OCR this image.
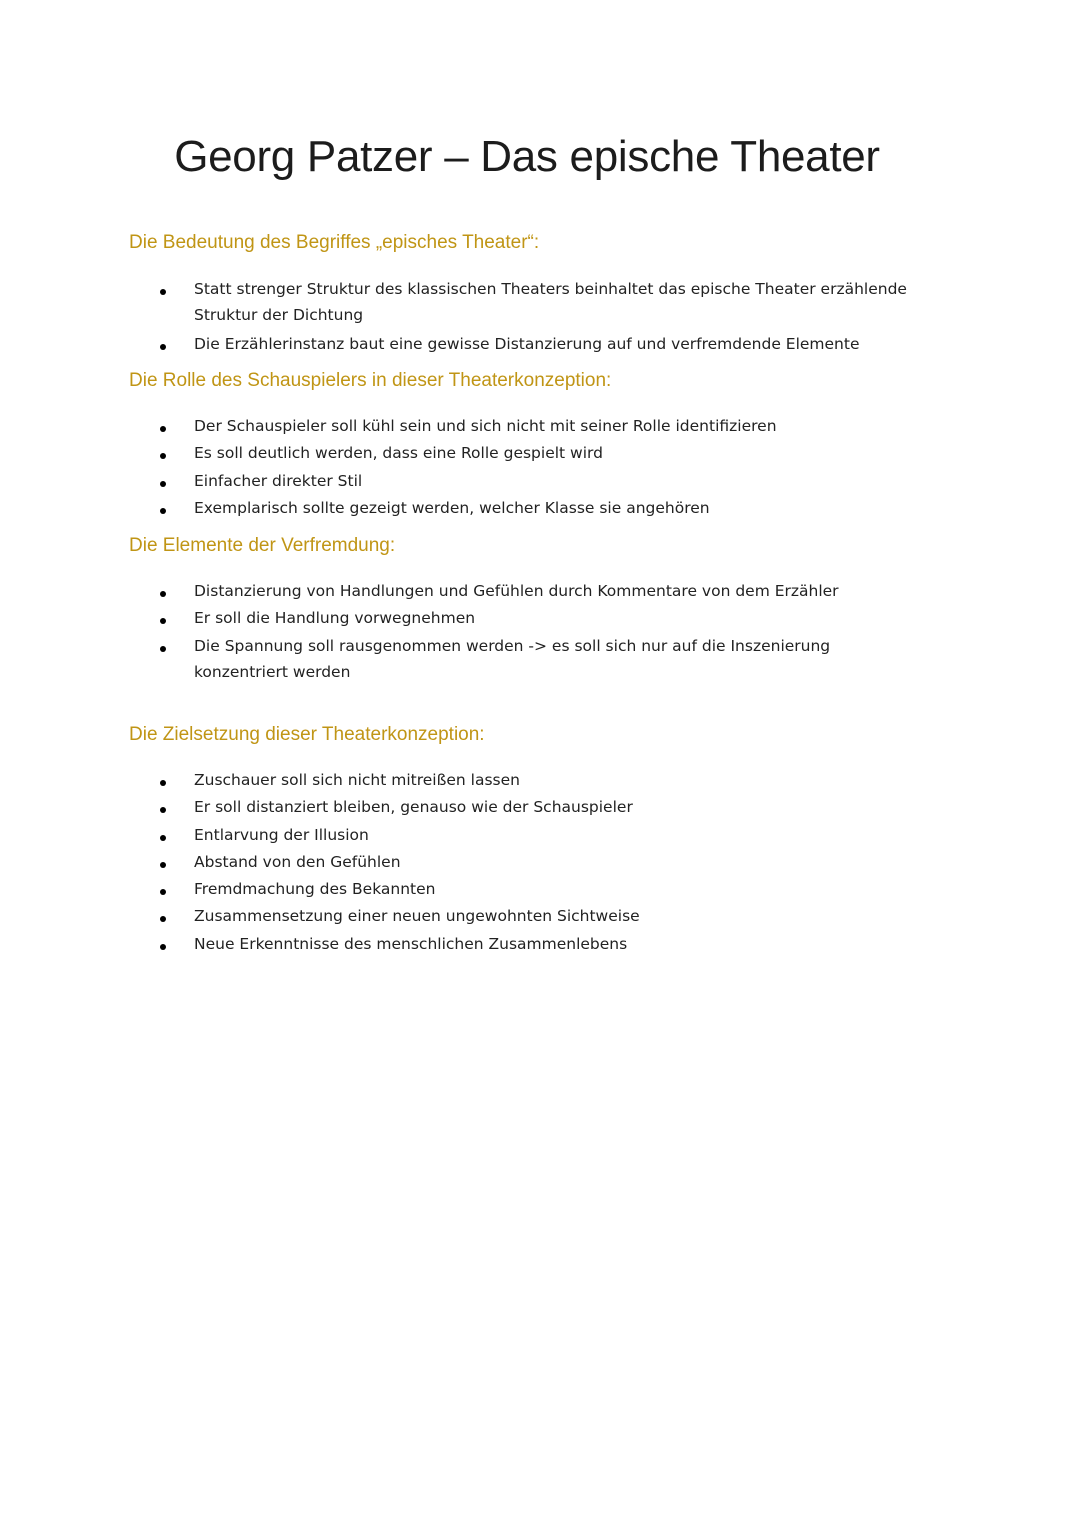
Georg Patzer – Das epische Theater
Die Bedeutung des Begriffes „episches Theater“:
Statt strenger Struktur des klassischen Theaters beinhaltet das epische Theater erzählende Struktur der Dichtung
Die Erzählerinstanz baut eine gewisse Distanzierung auf und verfremdende Elemente
Die Rolle des Schauspielers in dieser Theaterkonzeption:
Der Schauspieler soll kühl sein und sich nicht mit seiner Rolle identifizieren
Es soll deutlich werden, dass eine Rolle gespielt wird
Einfacher direkter Stil
Exemplarisch sollte gezeigt werden, welcher Klasse sie angehören
Die Elemente der Verfremdung:
Distanzierung von Handlungen und Gefühlen durch Kommentare von dem Erzähler
Er soll die Handlung vorwegnehmen
Die Spannung soll rausgenommen werden -> es soll sich nur auf die Inszenierung konzentriert werden
Die Zielsetzung dieser Theaterkonzeption:
Zuschauer soll sich nicht mitreißen lassen
Er soll distanziert bleiben, genauso wie der Schauspieler
Entlarvung der Illusion
Abstand von den Gefühlen
Fremdmachung des Bekannten
Zusammensetzung einer neuen ungewohnten Sichtweise
Neue Erkenntnisse des menschlichen Zusammenlebens
